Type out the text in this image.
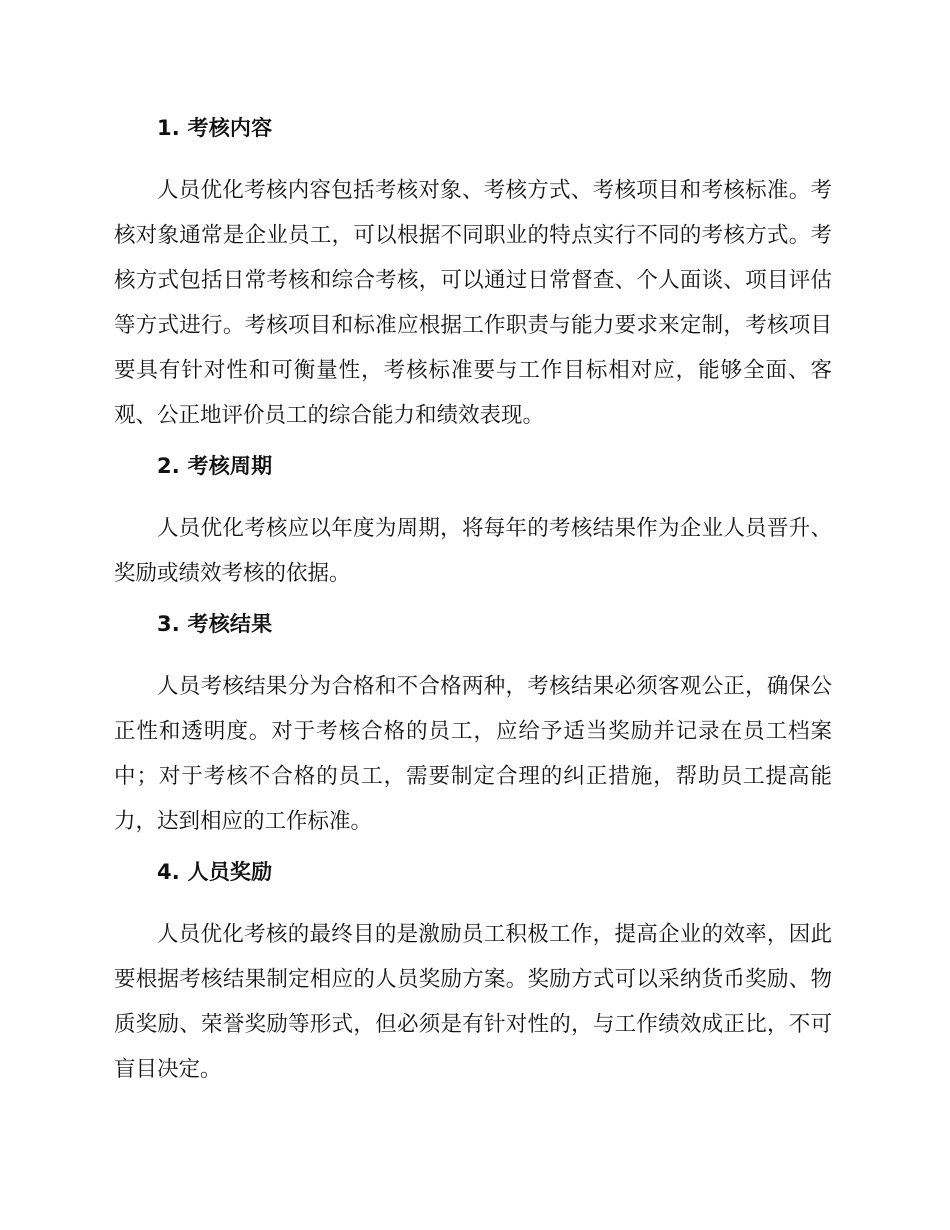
1. 考核内容

人员优化考核内容包括考核对象、考核方式、考核项目和考核标准。考核对象通常是企业员工，可以根据不同职业的特点实行不同的考核方式。考核方式包括日常考核和综合考核，可以通过日常督查、个人面谈、项目评估等方式进行。考核项目和标准应根据工作职责与能力要求来定制，考核项目要具有针对性和可衡量性，考核标准要与工作目标相对应，能够全面、客观、公正地评价员工的综合能力和绩效表现。

2. 考核周期

人员优化考核应以年度为周期，将每年的考核结果作为企业人员晋升、奖励或绩效考核的依据。

3. 考核结果

人员考核结果分为合格和不合格两种，考核结果必须客观公正，确保公正性和透明度。对于考核合格的员工，应给予适当奖励并记录在员工档案中；对于考核不合格的员工，需要制定合理的纠正措施，帮助员工提高能力，达到相应的工作标准。

4. 人员奖励

人员优化考核的最终目的是激励员工积极工作，提高企业的效率，因此要根据考核结果制定相应的人员奖励方案。奖励方式可以采纳货币奖励、物质奖励、荣誉奖励等形式，但必须是有针对性的，与工作绩效成正比，不可盲目决定。
